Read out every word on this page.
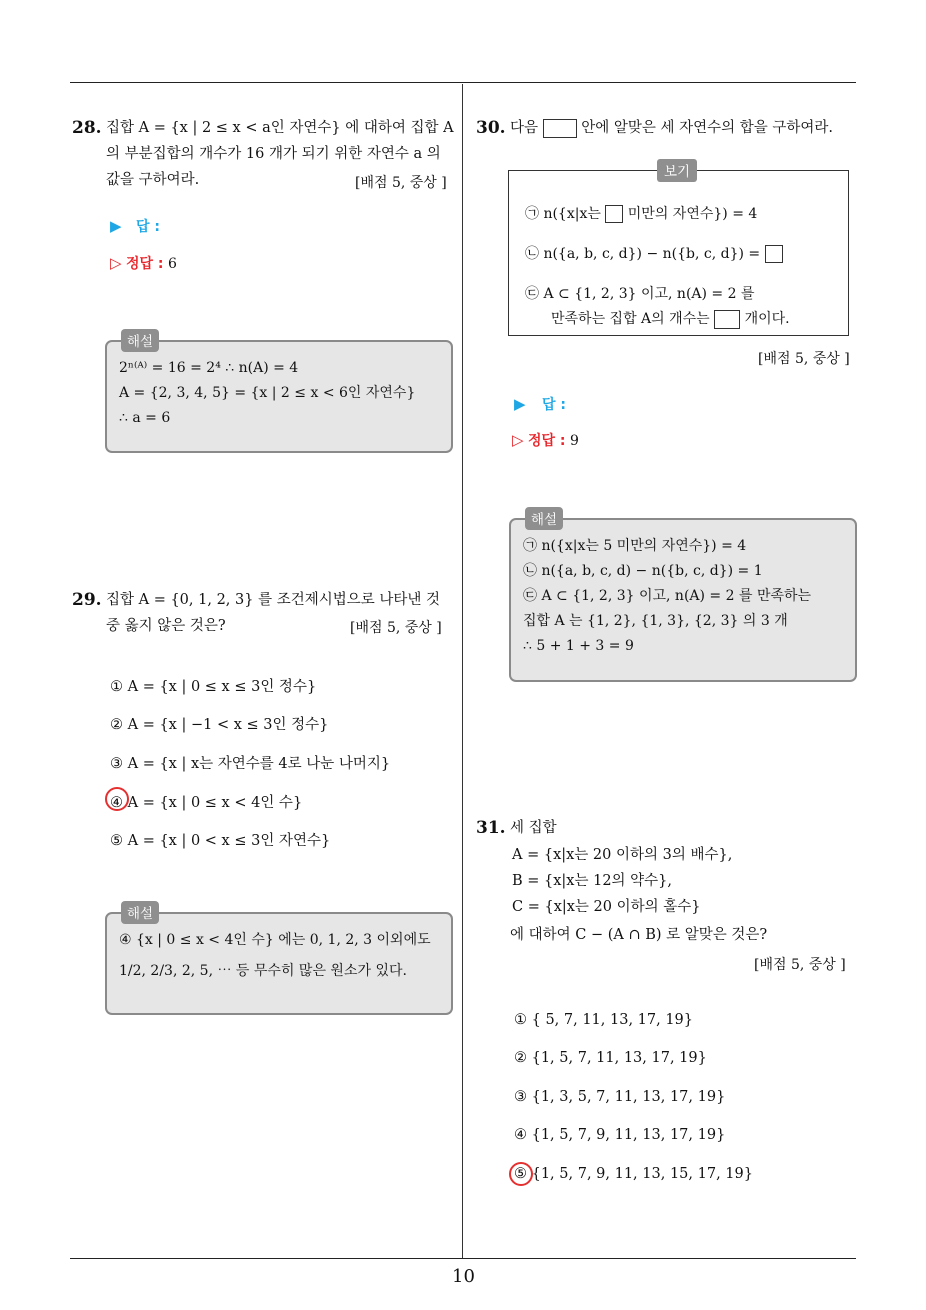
10
28. 집합 A = {x | 2 ≤ x < a인 자연수} 에 대하여 집합 A
의 부분집합의 개수가 16 개가 되기 위한 자연수 a 의
값을 구하여라.	[배점 5, 중상 ]
▶ 답 :
▷ 정답 : 6
해설
2ⁿ⁽ᴬ⁾ = 16 = 2⁴ ∴ n(A) = 4
A = {2, 3, 4, 5} = {x | 2 ≤ x < 6인 자연수}
∴ a = 6
29. 집합 A = {0, 1, 2, 3} 를 조건제시법으로 나타낸 것
중 옳지 않은 것은?	[배점 5, 중상 ]
① A = {x | 0 ≤ x ≤ 3인 정수}
② A = {x | −1 < x ≤ 3인 정수}
③ A = {x | x는 자연수를 4로 나눈 나머지}
④ A = {x | 0 ≤ x < 4인 수}
⑤ A = {x | 0 < x ≤ 3인 자연수}
해설
④ {x | 0 ≤ x < 4인 수} 에는 0, 1, 2, 3 이외에도
1/2, 2/3, 2, 5, ⋯ 등 무수히 많은 원소가 있다.
30. 다음	안에 알맞은 세 자연수의 합을 구하여라.
보기
㉠ n({x|x는 미만의 자연수}) = 4
㉡ n({a, b, c, d}) − n({b, c, d}) =
㉢ A ⊂ {1, 2, 3} 이고, n(A) = 2 를
만족하는 집합 A의 개수는 개이다.
[배점 5, 중상 ]
▶ 답 :
▷ 정답 : 9
해설
㉠ n({x|x는 5 미만의 자연수}) = 4
㉡ n({a, b, c, d) − n({b, c, d}) = 1
㉢ A ⊂ {1, 2, 3} 이고, n(A) = 2 를 만족하는
집합 A 는 {1, 2}, {1, 3}, {2, 3} 의 3 개
∴ 5 + 1 + 3 = 9
31. 세 집합
A = {x|x는 20 이하의 3의 배수},
B = {x|x는 12의 약수},
C = {x|x는 20 이하의 홀수}
에 대하여 C − (A ∩ B) 로 알맞은 것은?
[배점 5, 중상 ]
① { 5, 7, 11, 13, 17, 19}
② {1, 5, 7, 11, 13, 17, 19}
③ {1, 3, 5, 7, 11, 13, 17, 19}
④ {1, 5, 7, 9, 11, 13, 17, 19}
⑤ {1, 5, 7, 9, 11, 13, 15, 17, 19}
